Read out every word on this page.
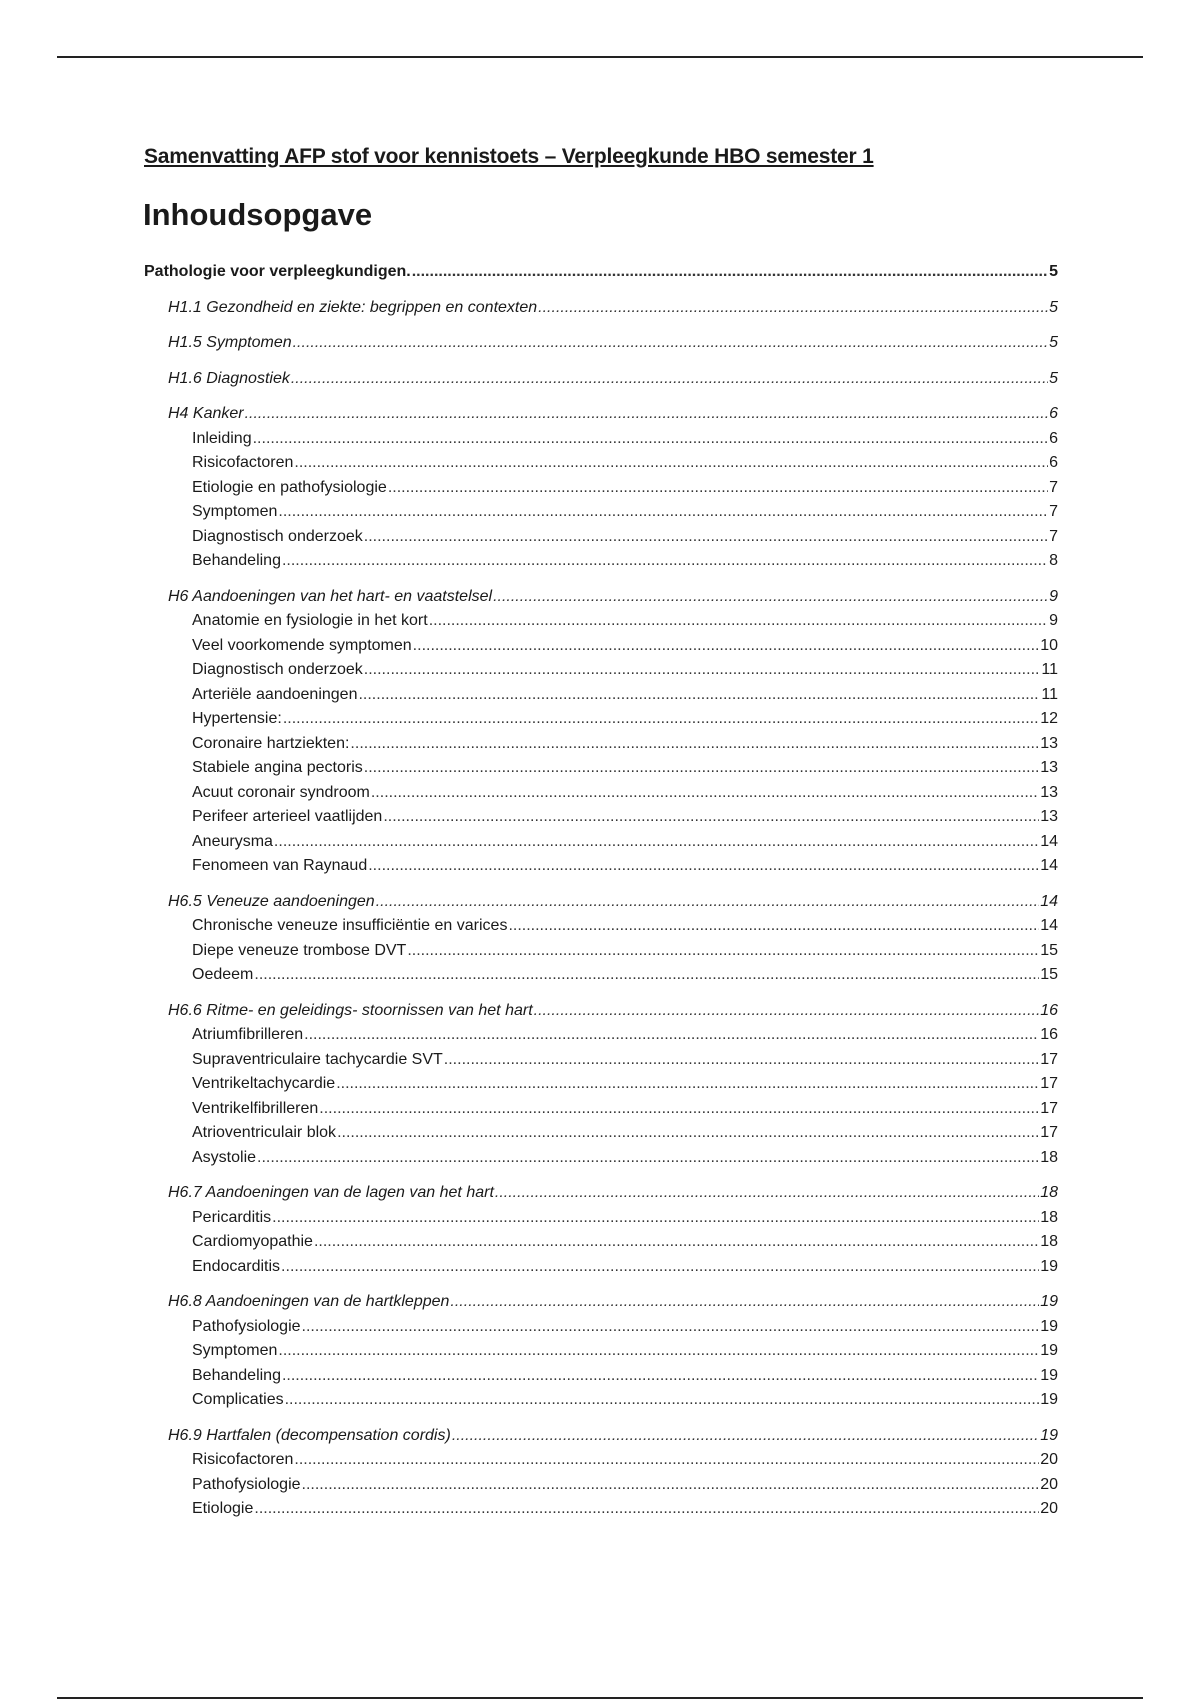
Samenvatting AFP stof voor kennistoets – Verpleegkunde HBO semester 1
Inhoudsopgave
Pathologie voor verpleegkundigen. .....	5
H1.1 Gezondheid en ziekte: begrippen en contexten .....	5
H1.5 Symptomen .....	5
H1.6 Diagnostiek .....	5
H4 Kanker .....	6
Inleiding .....	6
Risicofactoren .....	6
Etiologie en pathofysiologie .....	7
Symptomen .....	7
Diagnostisch onderzoek .....	7
Behandeling .....	8
H6 Aandoeningen van het hart- en vaatstelsel .....	9
Anatomie en fysiologie in het kort .....	9
Veel voorkomende symptomen .....	10
Diagnostisch onderzoek .....	11
Arteriële aandoeningen .....	11
Hypertensie: .....	12
Coronaire hartziekten: .....	13
Stabiele angina pectoris .....	13
Acuut coronair syndroom .....	13
Perifeer arterieel vaatlijden .....	13
Aneurysma .....	14
Fenomeen van Raynaud .....	14
H6.5 Veneuze aandoeningen .....	14
Chronische veneuze insufficiëntie en varices .....	14
Diepe veneuze trombose DVT .....	15
Oedeem .....	15
H6.6 Ritme- en geleidings- stoornissen van het hart .....	16
Atriumfibrilleren .....	16
Supraventriculaire tachycardie SVT .....	17
Ventrikeltachycardie .....	17
Ventrikelfibrilleren .....	17
Atrioventriculair blok .....	17
Asystolie .....	18
H6.7 Aandoeningen van de lagen van het hart .....	18
Pericarditis .....	18
Cardiomyopathie .....	18
Endocarditis .....	19
H6.8 Aandoeningen van de hartkleppen .....	19
Pathofysiologie .....	19
Symptomen .....	19
Behandeling .....	19
Complicaties .....	19
H6.9 Hartfalen (decompensation cordis) .....	19
Risicofactoren .....	20
Pathofysiologie .....	20
Etiologie .....	20
